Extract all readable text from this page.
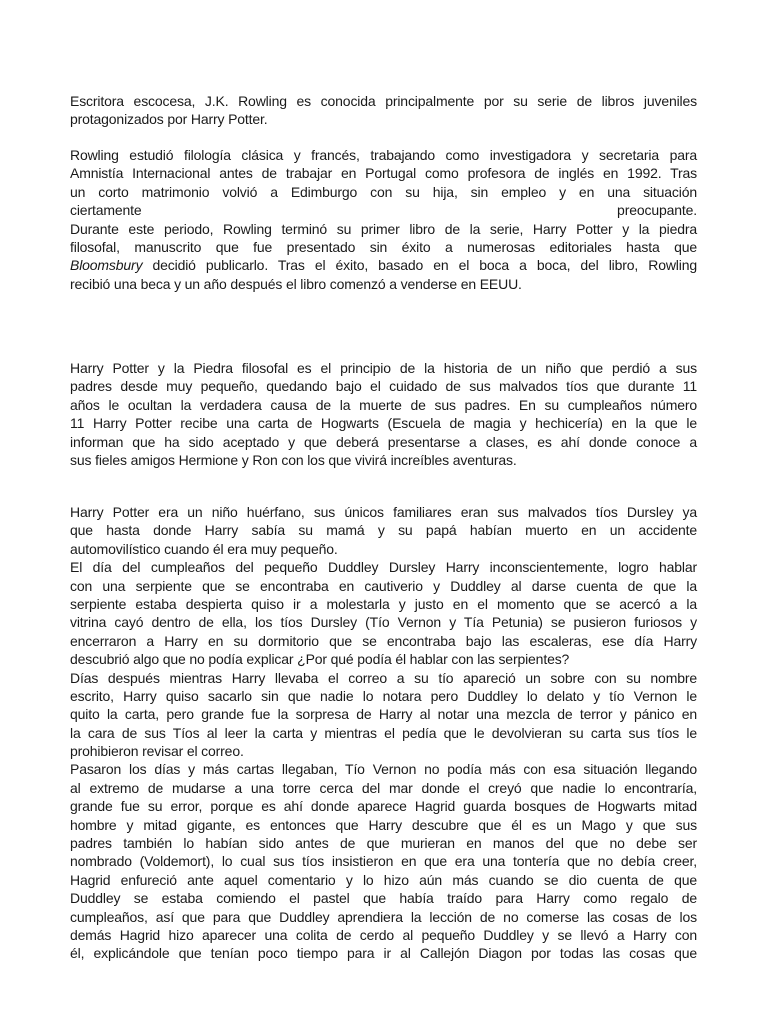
Escritora escocesa, J.K. Rowling es conocida principalmente por su serie de libros juveniles
protagonizados por Harry Potter.
Rowling estudió filología clásica y francés, trabajando como investigadora y secretaria para
Amnistía Internacional antes de trabajar en Portugal como profesora de inglés en 1992. Tras
un corto matrimonio volvió a Edimburgo con su hija, sin empleo y en una situación
ciertamente preocupante.
Durante este periodo, Rowling terminó su primer libro de la serie, Harry Potter y la piedra
filosofal, manuscrito que fue presentado sin éxito a numerosas editoriales hasta que
Bloomsbury decidió publicarlo. Tras el éxito, basado en el boca a boca, del libro, Rowling
recibió una beca y un año después el libro comenzó a venderse en EEUU.
Harry Potter y la Piedra filosofal es el principio de la historia de un niño que perdió a sus
padres desde muy pequeño, quedando bajo el cuidado de sus malvados tíos que durante 11
años le ocultan la verdadera causa de la muerte de sus padres. En su cumpleaños número
11 Harry Potter recibe una carta de Hogwarts (Escuela de magia y hechicería) en la que le
informan que ha sido aceptado y que deberá presentarse a clases, es ahí donde conoce a
sus fieles amigos Hermione y Ron con los que vivirá increíbles aventuras.
Harry Potter era un niño huérfano, sus únicos familiares eran sus malvados tíos Dursley ya
que hasta donde Harry sabía su mamá y su papá habían muerto en un accidente
automovilístico cuando él era muy pequeño.
El día del cumpleaños del pequeño Duddley Dursley Harry inconscientemente, logro hablar
con una serpiente que se encontraba en cautiverio y Duddley al darse cuenta de que la
serpiente estaba despierta quiso ir a molestarla y justo en el momento que se acercó a la
vitrina cayó dentro de ella, los tíos Dursley (Tío Vernon y Tía Petunia) se pusieron furiosos y
encerraron a Harry en su dormitorio que se encontraba bajo las escaleras, ese día Harry
descubrió algo que no podía explicar ¿Por qué podía él hablar con las serpientes?
Días después mientras Harry llevaba el correo a su tío apareció un sobre con su nombre
escrito, Harry quiso sacarlo sin que nadie lo notara pero Duddley lo delato y tío Vernon le
quito la carta, pero grande fue la sorpresa de Harry al notar una mezcla de terror y pánico en
la cara de sus Tíos al leer la carta y mientras el pedía que le devolvieran su carta sus tíos le
prohibieron revisar el correo.
Pasaron los días y más cartas llegaban, Tío Vernon no podía más con esa situación llegando
al extremo de mudarse a una torre cerca del mar donde el creyó que nadie lo encontraría,
grande fue su error, porque es ahí donde aparece Hagrid guarda bosques de Hogwarts mitad
hombre y mitad gigante, es entonces que Harry descubre que él es un Mago y que sus
padres también lo habían sido antes de que murieran en manos del que no debe ser
nombrado (Voldemort), lo cual sus tíos insistieron en que era una tontería que no debía creer,
Hagrid enfureció ante aquel comentario y lo hizo aún más cuando se dio cuenta de que
Duddley se estaba comiendo el pastel que había traído para Harry como regalo de
cumpleaños, así que para que Duddley aprendiera la lección de no comerse las cosas de los
demás Hagrid hizo aparecer una colita de cerdo al pequeño Duddley y se llevó a Harry con
él, explicándole que tenían poco tiempo para ir al Callejón Diagon por todas las cosas que
